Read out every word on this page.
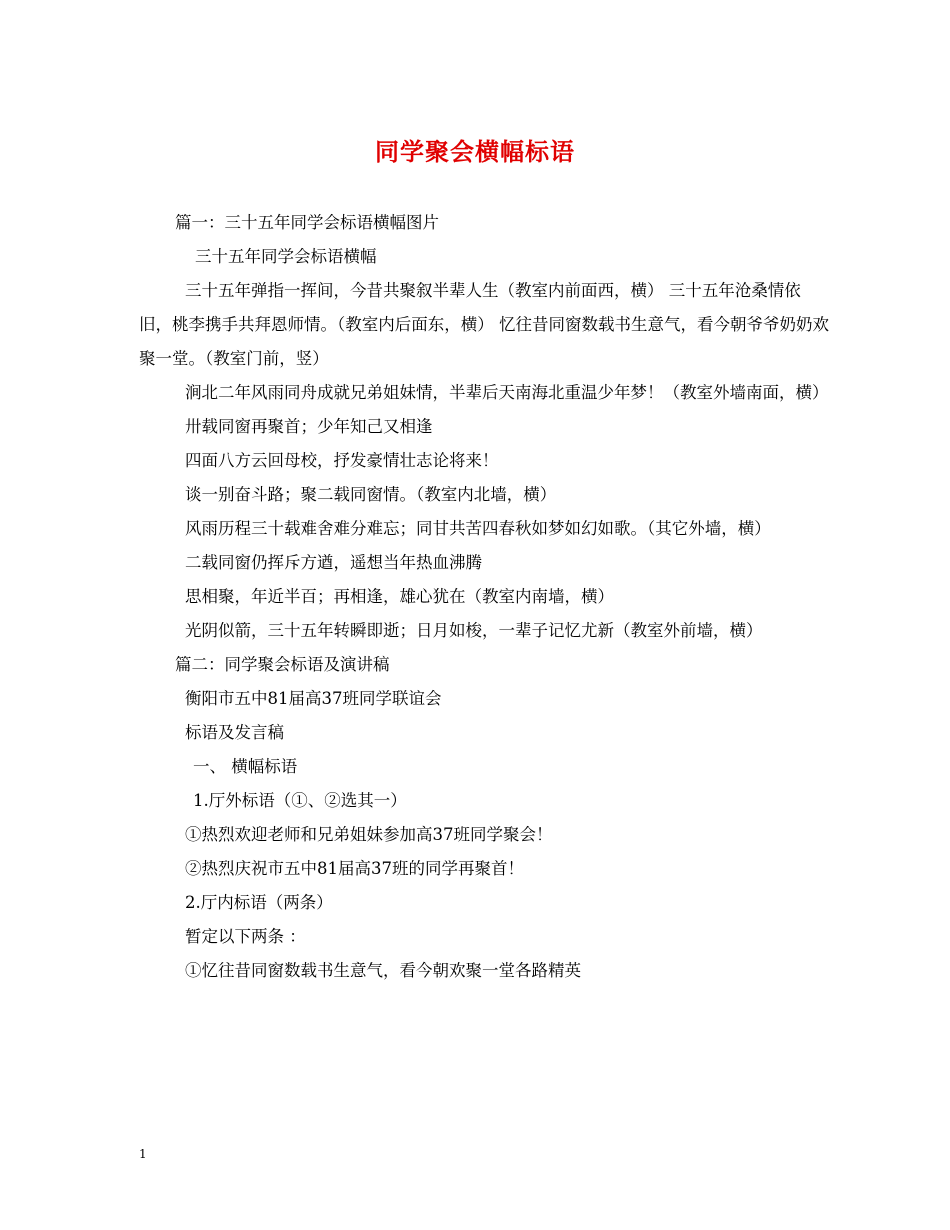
同学聚会横幅标语

篇一：三十五年同学会标语横幅图片

三十五年同学会标语横幅

三十五年弹指一挥间，今昔共聚叙半辈人生（教室内前面西，横） 三十五年沧桑情依旧，桃李携手共拜恩师情。（教室内后面东，横） 忆往昔同窗数载书生意气，看今朝爷爷奶奶欢聚一堂。（教室门前，竖）

涧北二年风雨同舟成就兄弟姐妹情，半辈后天南海北重温少年梦！（教室外墙南面，横）

卅载同窗再聚首；少年知己又相逢

四面八方云回母校，抒发豪情壮志论将来！

谈一别奋斗路；聚二载同窗情。（教室内北墙，横）

风雨历程三十载难舍难分难忘；同甘共苦四春秋如梦如幻如歌。（其它外墙，横）

二载同窗仍挥斥方遒，遥想当年热血沸腾

思相聚，年近半百；再相逢，雄心犹在（教室内南墙，横）

光阴似箭，三十五年转瞬即逝；日月如梭，一辈子记忆尤新（教室外前墙，横）

篇二：同学聚会标语及演讲稿

衡阳市五中81届高37班同学联谊会

标语及发言稿

一、 横幅标语

1.厅外标语（①、②选其一）

①热烈欢迎老师和兄弟姐妹参加高37班同学聚会！

②热烈庆祝市五中81届高37班的同学再聚首！

2.厅内标语（两条）

暂定以下两条 ：

①忆往昔同窗数载书生意气，看今朝欢聚一堂各路精英

1
